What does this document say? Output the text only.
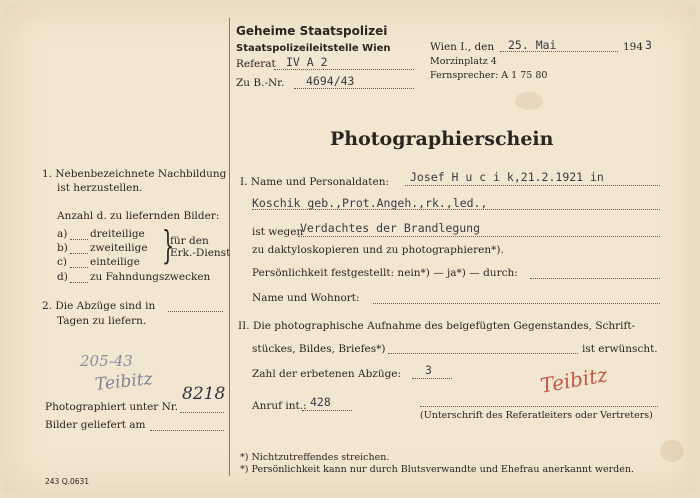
Geheime Staatspolizei
Staatspolizeileitstelle Wien
Referat IV A 2
Zu B.-Nr. 4694/43
Wien I., den 25. Mai	194 3
Morzinplatz 4
Fernsprecher: A 1 75 80
Photographierschein
1. Nebenbezeichnete Nachbildung
ist herzustellen.
Anzahl d. zu liefernden Bilder:
a) dreiteilige
b) zweiteilige
c) einteilige
d) zu Fahndungszwecken
}
für den
Erk.-Dienst
2. Die Abzüge sind in
Tagen zu liefern.
205-43
Teibitz
Photographiert unter Nr.
8218
Bilder geliefert am
243 Q.0631
I. Name und Personaldaten: Josef H u c i k,21.2.1921 in
Koschik geb.,Prot.Angeh.,rk.,led.,
ist wegen
Verdachtes der Brandlegung
zu daktyloskopieren und zu photographieren*).
Persönlichkeit festgestellt: nein*) — ja*) — durch:
Name und Wohnort:
II. Die photographische Aufnahme des beigefügten Gegenstandes, Schrift-
stückes, Bildes, Briefes*)	ist erwünscht.
Zahl der erbetenen Abzüge: 3
Anruf int.: 428
Teibitz
(Unterschrift des Referatleiters oder Vertreters)
*) Nichtzutreffendes streichen.
*) Persönlichkeit kann nur durch Blutsverwandte und Ehefrau anerkannt werden.
